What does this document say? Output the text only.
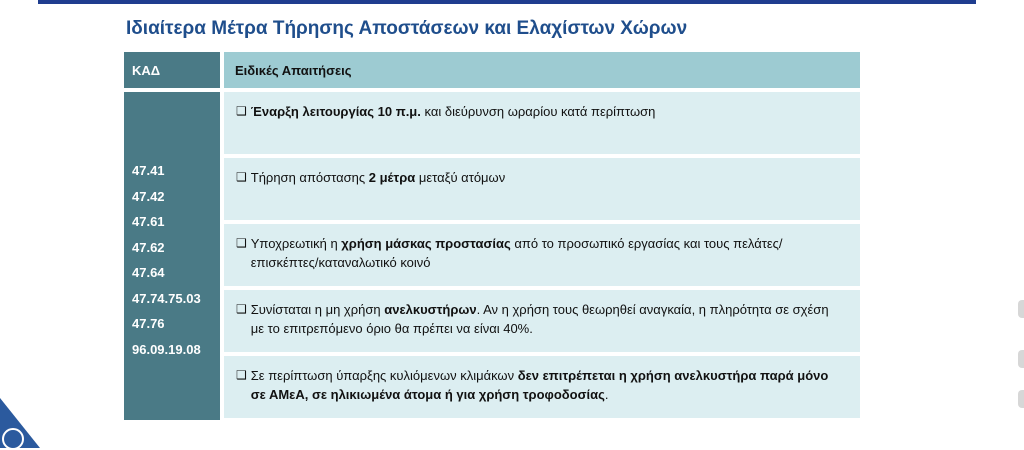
Ιδιαίτερα Μέτρα Τήρησης Αποστάσεων και Ελαχίστων Χώρων
ΚΑΔ	Ειδικές Απαιτήσεις
47.41
47.42
47.61
47.62
47.64
47.74.75.03
47.76
96.09.19.08
❑ Έναρξη λειτουργίας 10 π.μ. και διεύρυνση ωραρίου κατά περίπτωση
❑ Τήρηση απόστασης 2 μέτρα μεταξύ ατόμων
❑ Υποχρεωτική η χρήση μάσκας προστασίας από το προσωπικό εργασίας και τους πελάτες/επισκέπτες/καταναλωτικό κοινό
❑ Συνίσταται η μη χρήση ανελκυστήρων. Αν η χρήση τους θεωρηθεί αναγκαία, η πληρότητα σε σχέση με το επιτρεπόμενο όριο θα πρέπει να είναι 40%.
❑ Σε περίπτωση ύπαρξης κυλιόμενων κλιμάκων δεν επιτρέπεται η χρήση ανελκυστήρα παρά μόνο σε ΑΜεΑ, σε ηλικιωμένα άτομα ή για χρήση τροφοδοσίας.
